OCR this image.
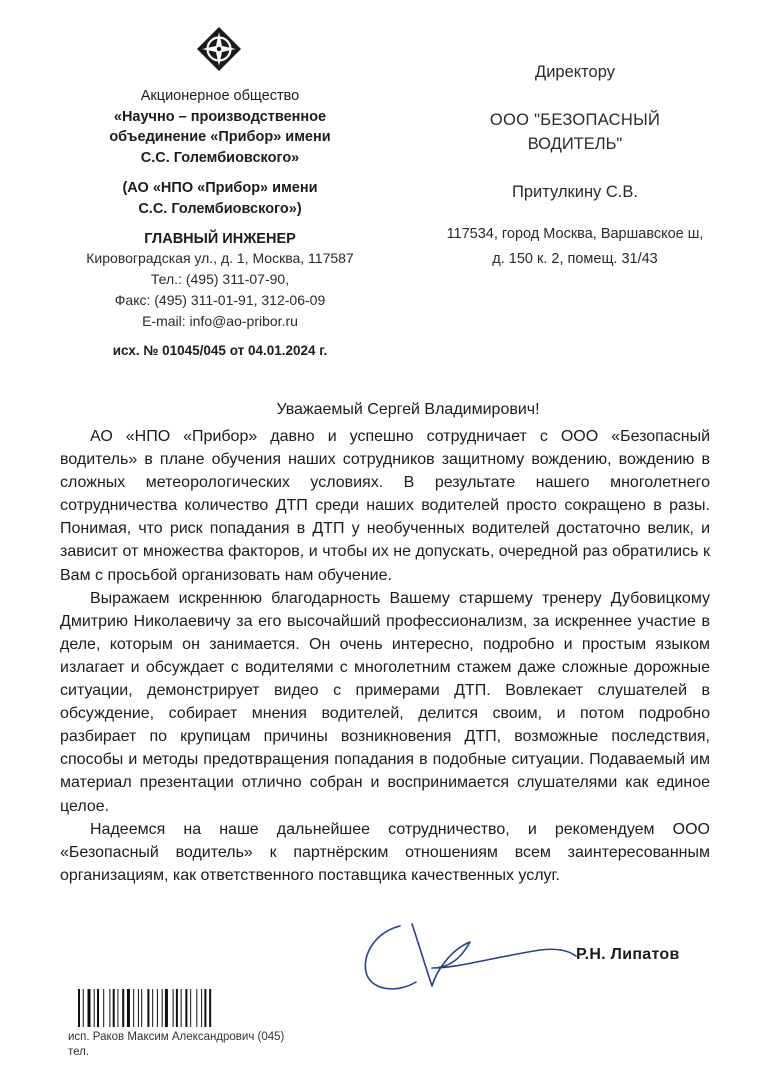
Акционерное общество
«Научно – производственное
объединение «Прибор» имени
С.С. Голембиовского»
(АО «НПО «Прибор» имени
С.С. Голембиовского»)
ГЛАВНЫЙ ИНЖЕНЕР
Кировоградская ул., д. 1, Москва, 117587
Тел.: (495) 311-07-90,
Факс: (495) 311-01-91, 312-06-09
E-mail: info@ao-pribor.ru
исх. № 01045/045 от 04.01.2024 г.
Директору
ООО "БЕЗОПАСНЫЙ
ВОДИТЕЛЬ"
Притулкину С.В.
117534, город Москва, Варшавское ш,
д. 150 к. 2, помещ. 31/43
Уважаемый Сергей Владимирович!

АО «НПО «Прибор» давно и успешно сотрудничает с ООО «Безопасный водитель» в плане обучения наших сотрудников защитному вождению, вождению в сложных метеорологических условиях. В результате нашего многолетнего сотрудничества количество ДТП среди наших водителей просто сокращено в разы. Понимая, что риск попадания в ДТП у необученных водителей достаточно велик, и зависит от множества факторов, и чтобы их не допускать, очередной раз обратились к Вам с просьбой организовать нам обучение.

Выражаем искреннюю благодарность Вашему старшему тренеру Дубовицкому Дмитрию Николаевичу за его высочайший профессионализм, за искреннее участие в деле, которым он занимается. Он очень интересно, подробно и простым языком излагает и обсуждает с водителями с многолетним стажем даже сложные дорожные ситуации, демонстрирует видео с примерами ДТП. Вовлекает слушателей в обсуждение, собирает мнения водителей, делится своим, и потом подробно разбирает по крупицам причины возникновения ДТП, возможные последствия, способы и методы предотвращения попадания в подобные ситуации. Подаваемый им материал презентации отлично собран и воспринимается слушателями как единое целое.

Надеемся на наше дальнейшее сотрудничество, и рекомендуем ООО «Безопасный водитель» к партнёрским отношениям всем заинтересованным организациям, как ответственного поставщика качественных услуг.

Р.Н. Липатов
исп. Раков Максим Александрович (045)
тел.
